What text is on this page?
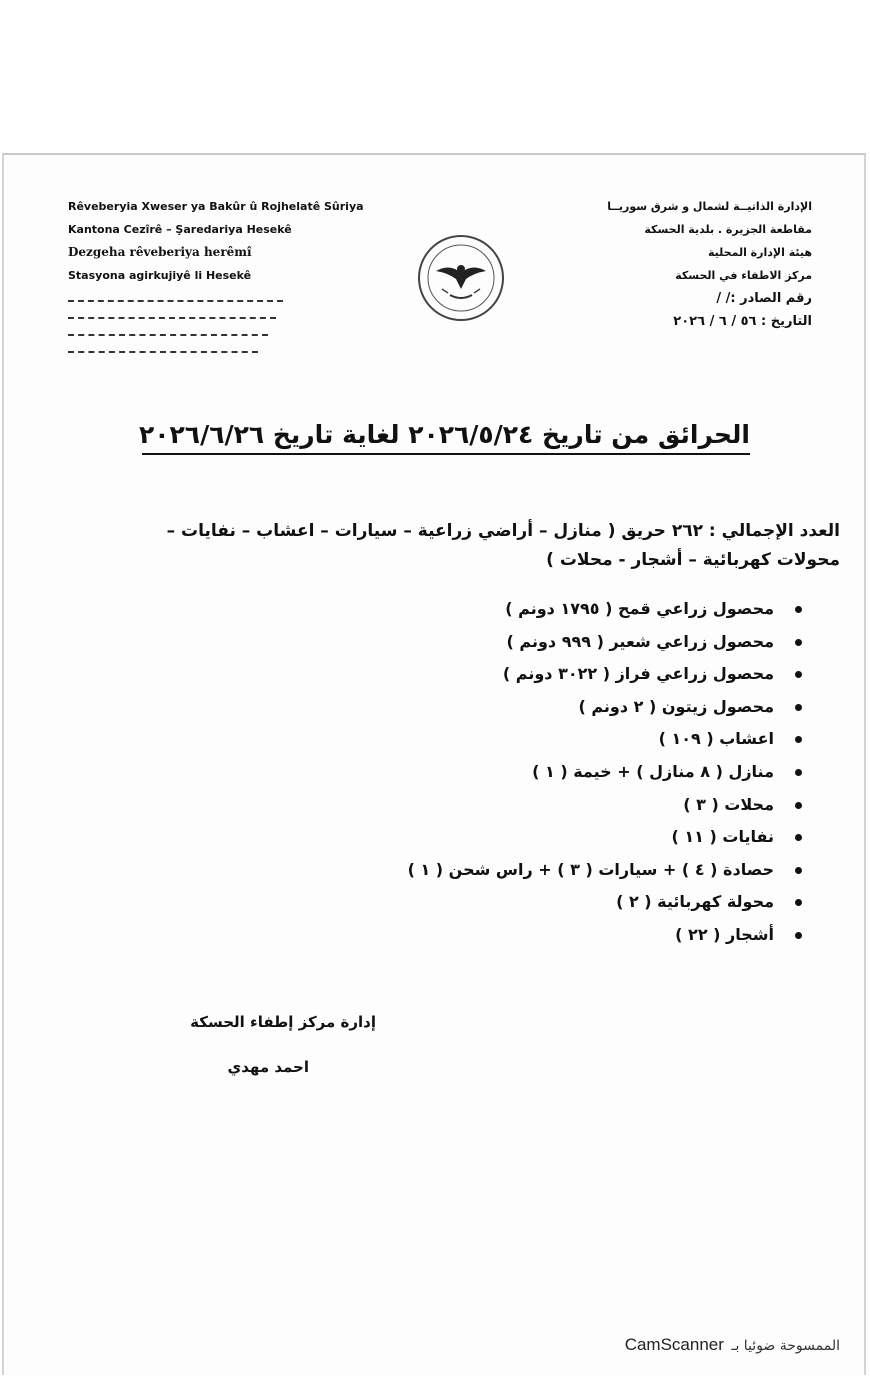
Rêveberyia Xweser ya Bakûr û Rojhelatê Sûriya
Kantona Cezîrê – Şaredariya Hesekê
Dezgeha rêveberiya herêmî
Stasyona agirkujiyê li Hesekê
الإدارة الذاتيــة لشمال و شرق سوريــا
مقاطعة الجزيرة . بلدية الحسكة
هيئة الإدارة المحلية
مركز الاطفاء في الحسكة
رقم الصادر :/ /
التاريخ : ٥٦ / ٦ / ٢٠٢٦
الحرائق من تاريخ ٢٠٢٦/٥/٢٤ لغاية تاريخ ٢٠٢٦/٦/٢٦
العدد الإجمالي : ٢٦٢ حريق ( منازل – أراضي زراعية – سيارات – اعشاب – نفايات – محولات كهربائية – أشجار - محلات )
محصول زراعي قمح ( ١٧٩٥ دونم )
محصول زراعي شعير ( ٩٩٩ دونم )
محصول زراعي فراز ( ٣٠٢٢ دونم )
محصول زيتون ( ٢ دونم )
اعشاب ( ١٠٩ )
منازل ( ٨ منازل ) + خيمة ( ١ )
محلات ( ٣ )
نفايات ( ١١ )
حصادة ( ٤ ) + سيارات ( ٣ ) + راس شحن ( ١ )
محولة كهربائية ( ٢ )
أشجار ( ٢٢ )
إدارة مركز إطفاء الحسكة
احمد مهدي
الممسوحة ضوئيا بـ CamScanner
